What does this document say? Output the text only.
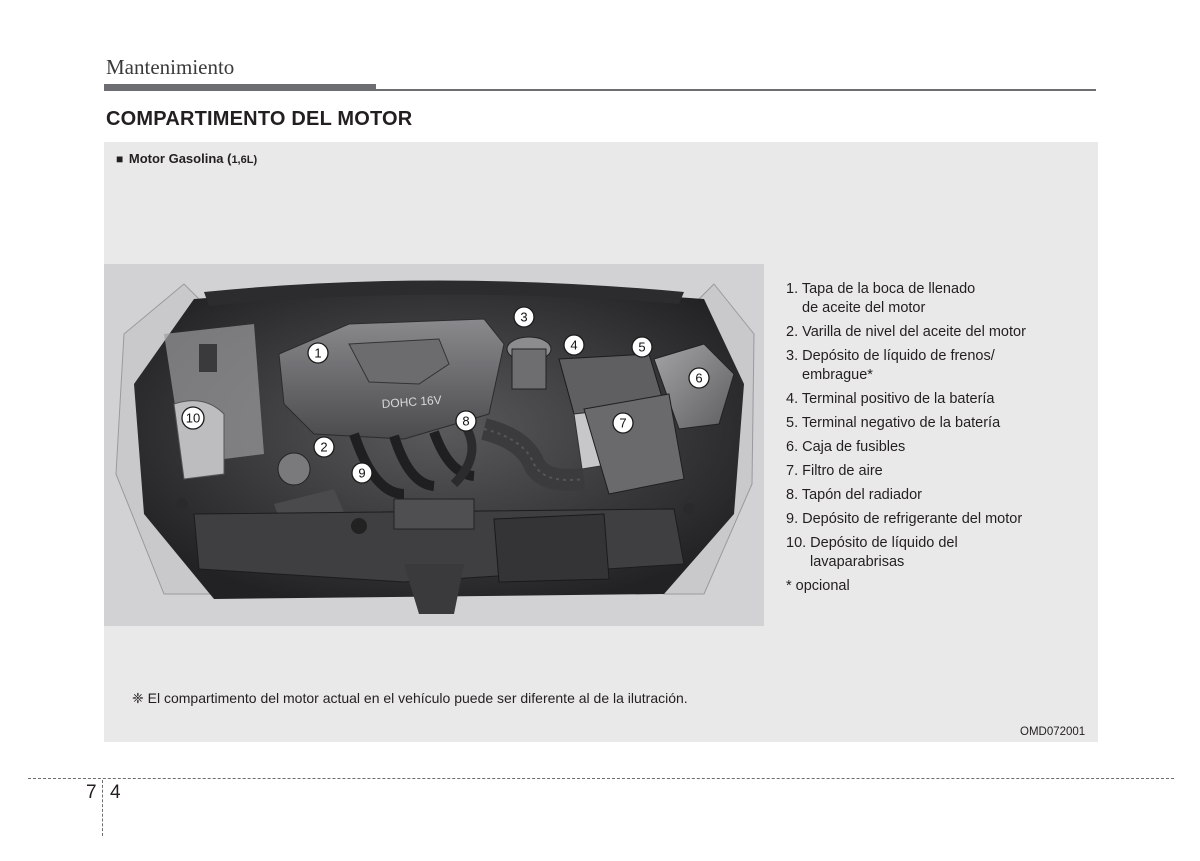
Mantenimiento
COMPARTIMENTO DEL MOTOR
■ Motor Gasolina (1,6L)
DOHC 16V
1
2
3
4	5
6
7
8
9
10
1. Tapa de la boca de llenado
de aceite del motor
2. Varilla de nivel del aceite del motor
3. Depósito de líquido de frenos/
embrague*
4. Terminal positivo de la batería
5. Terminal negativo de la batería
6. Caja de fusibles
7. Filtro de aire
8. Tapón del radiador
9. Depósito de refrigerante del motor
10. Depósito de líquido del
lavaparabrisas
* opcional
❈ El compartimento del motor actual en el vehículo puede ser diferente al de la ilutración.
OMD072001
7 4
